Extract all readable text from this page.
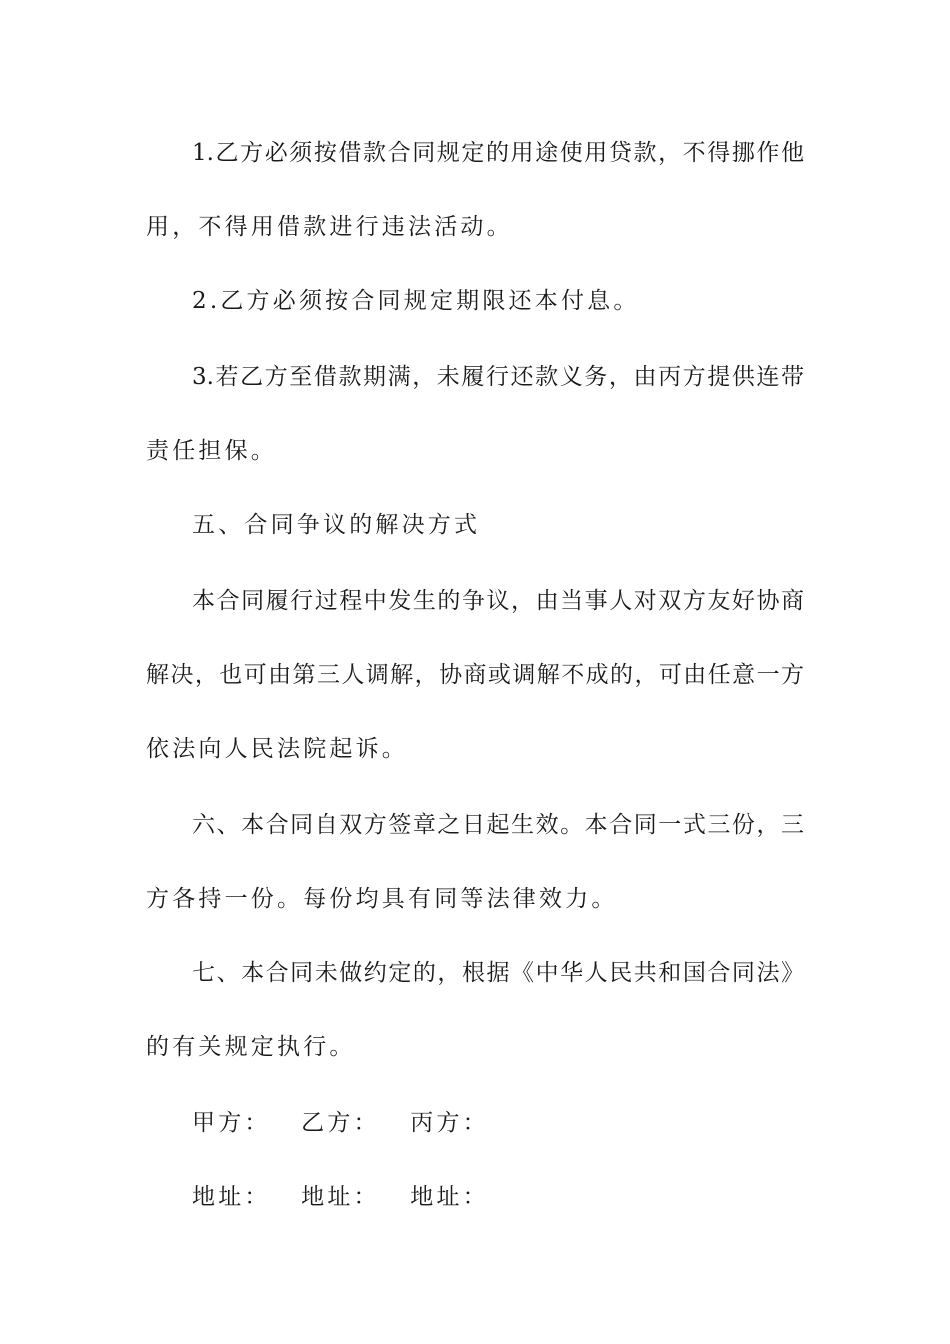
1.乙方必须按借款合同规定的用途使用贷款，不得挪作他
用，不得用借款进行违法活动。
2.乙方必须按合同规定期限还本付息。
3.若乙方至借款期满，未履行还款义务，由丙方提供连带
责任担保。
五、合同争议的解决方式
本合同履行过程中发生的争议，由当事人对双方友好协商
解决，也可由第三人调解，协商或调解不成的，可由任意一方
依法向人民法院起诉。
六、本合同自双方签章之日起生效。本合同一式三份，三
方各持一份。每份均具有同等法律效力。
七、本合同未做约定的，根据《中华人民共和国合同法》
的有关规定执行。
甲方： 乙方： 丙方：
地址： 地址： 地址：
